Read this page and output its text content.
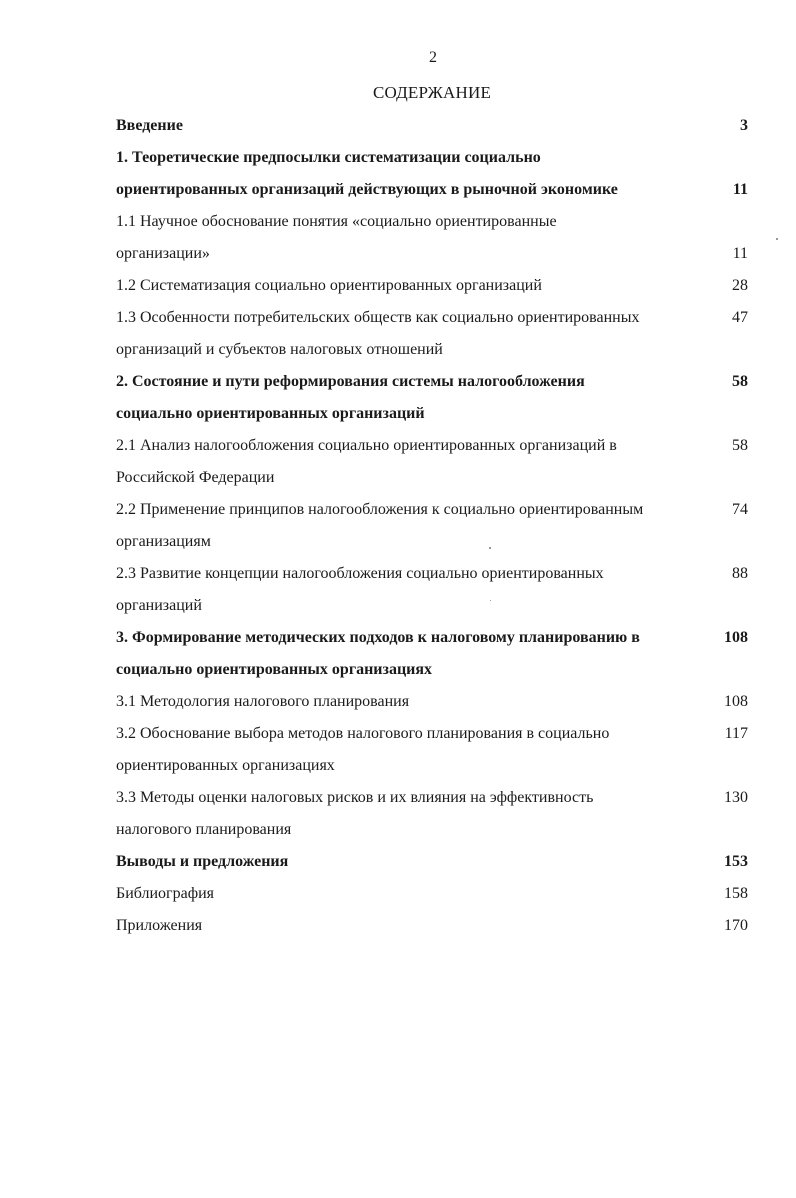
2
СОДЕРЖАНИЕ
Введение	3
1. Теоретические предпосылки систематизации социально
ориентированных организаций действующих в рыночной экономике	11
1.1 Научное обоснование понятия «социально ориентированные
организации»	11
1.2 Систематизация социально ориентированных организаций	28
1.3 Особенности потребительских обществ как социально ориентированных	47
организаций и субъектов налоговых отношений
2. Состояние и пути реформирования системы налогообложения	58
социально ориентированных организаций
2.1 Анализ налогообложения социально ориентированных организаций в	58
Российской Федерации
2.2 Применение принципов налогообложения к социально ориентированным	74
организациям
2.3 Развитие концепции налогообложения социально ориентированных	88
организаций
3. Формирование методических подходов к налоговому планированию в	108
социально ориентированных организациях
3.1 Методология налогового планирования	108
3.2 Обоснование выбора методов налогового планирования в социально	117
ориентированных организациях
3.3 Методы оценки налоговых рисков и их влияния на эффективность	130
налогового планирования
Выводы и предложения	153
Библиография	158
Приложения	170
